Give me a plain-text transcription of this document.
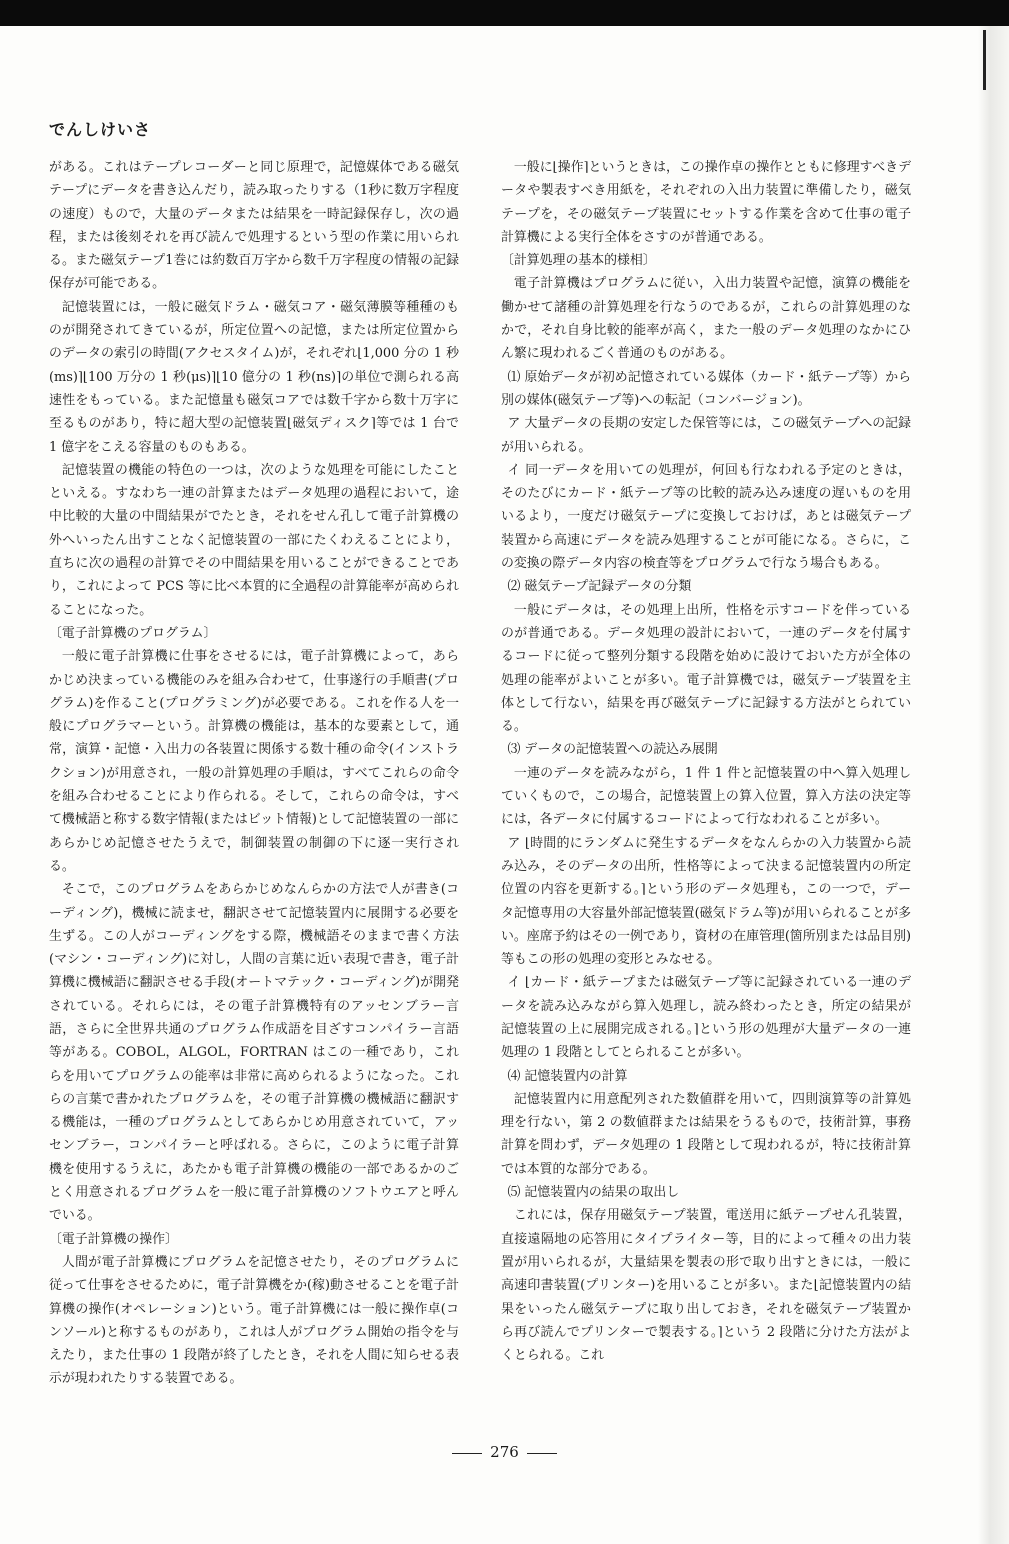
でんしけいさ

がある。これはテープレコーダーと同じ原理で，記憶媒体である磁気テープにデータを書き込んだり，読み取ったりする（1秒に数万字程度の速度）もので，大量のデータまたは結果を一時記録保存し，次の過程，または後刻それを再び読んで処理するという型の作業に用いられる。また磁気テープ1巻には約数百万字から数千万字程度の情報の記録保存が可能である。

記憶装置には，一般に磁気ドラム・磁気コア・磁気薄膜等種種のものが開発されてきているが，所定位置への記憶，または所定位置からのデータの索引の時間(アクセスタイム)が，それぞれ⌊1,000 分の 1 秒(ms)⌉⌊100 万分の 1 秒(μs)⌉⌊10 億分の 1 秒(ns)⌉の単位で測られる高速性をもっている。また記憶量も磁気コアでは数千字から数十万字に至るものがあり，特に超大型の記憶装置⌊磁気ディスク⌉等では 1 台で 1 億字をこえる容量のものもある。

記憶装置の機能の特色の一つは，次のような処理を可能にしたことといえる。すなわち一連の計算またはデータ処理の過程において，途中比較的大量の中間結果がでたとき，それをせん孔して電子計算機の外へいったん出すことなく記憶装置の一部にたくわえることにより，直ちに次の過程の計算でその中間結果を用いることができることであり，これによって PCS 等に比べ本質的に全過程の計算能率が高められることになった。

〔電子計算機のプログラム〕

一般に電子計算機に仕事をさせるには，電子計算機によって，あらかじめ決まっている機能のみを組み合わせて，仕事遂行の手順書(プログラム)を作ること(プログラミング)が必要である。これを作る人を一般にプログラマーという。計算機の機能は，基本的な要素として，通常，演算・記憶・入出力の各装置に関係する数十種の命令(インストラクション)が用意され，一般の計算処理の手順は，すべてこれらの命令を組み合わせることにより作られる。そして，これらの命令は，すべて機械語と称する数字情報(またはビット情報)として記憶装置の一部にあらかじめ記憶させたうえで，制御装置の制御の下に逐一実行される。

そこで，このプログラムをあらかじめなんらかの方法で人が書き(コーディング)，機械に読ませ，翻訳させて記憶装置内に展開する必要を生ずる。この人がコーディングをする際，機械語そのままで書く方法(マシン・コーディング)に対し，人間の言葉に近い表現で書き，電子計算機に機械語に翻訳させる手段(オートマテック・コーディング)が開発されている。それらには，その電子計算機特有のアッセンブラー言語，さらに全世界共通のプログラム作成語を目ざすコンパイラー言語等がある。COBOL，ALGOL，FORTRAN はこの一種であり，これらを用いてプログラムの能率は非常に高められるようになった。これらの言葉で書かれたプログラムを，その電子計算機の機械語に翻訳する機能は，一種のプログラムとしてあらかじめ用意されていて，アッセンブラー，コンパイラーと呼ばれる。さらに，このように電子計算機を使用するうえに，あたかも電子計算機の機能の一部であるかのごとく用意されるプログラムを一般に電子計算機のソフトウエアと呼んでいる。

〔電子計算機の操作〕

人間が電子計算機にプログラムを記憶させたり，そのプログラムに従って仕事をさせるために，電子計算機をか(稼)動させることを電子計算機の操作(オペレーション)という。電子計算機には一般に操作卓(コンソール)と称するものがあり，これは人がプログラム開始の指令を与えたり，また仕事の 1 段階が終了したとき，それを人間に知らせる表示が現われたりする装置である。

一般に⌊操作⌉というときは，この操作卓の操作とともに修理すべきデータや製表すべき用紙を，それぞれの入出力装置に準備したり，磁気テープを，その磁気テープ装置にセットする作業を含めて仕事の電子計算機による実行全体をさすのが普通である。

〔計算処理の基本的様相〕

電子計算機はプログラムに従い，入出力装置や記憶，演算の機能を働かせて諸種の計算処理を行なうのであるが，これらの計算処理のなかで，それ自身比較的能率が高く，また一般のデータ処理のなかにひん繁に現われるごく普通のものがある。

⑴ 原始データが初め記憶されている媒体（カード・紙テープ等）から別の媒体(磁気テープ等)への転記（コンバージョン)。

ア 大量データの長期の安定した保管等には，この磁気テープへの記録が用いられる。

イ 同一データを用いての処理が，何回も行なわれる予定のときは，そのたびにカード・紙テープ等の比較的読み込み速度の遅いものを用いるより，一度だけ磁気テープに変換しておけば，あとは磁気テープ装置から高速にデータを読み処理することが可能になる。さらに，この変換の際データ内容の検査等をプログラムで行なう場合もある。

⑵ 磁気テープ記録データの分類

一般にデータは，その処理上出所，性格を示すコードを伴っているのが普通である。データ処理の設計において，一連のデータを付属するコードに従って整列分類する段階を始めに設けておいた方が全体の処理の能率がよいことが多い。電子計算機では，磁気テープ装置を主体として行ない，結果を再び磁気テープに記録する方法がとられている。

⑶ データの記憶装置への読込み展開

一連のデータを読みながら，1 件 1 件と記憶装置の中へ算入処理していくもので，この場合，記憶装置上の算入位置，算入方法の決定等には，各データに付属するコードによって行なわれることが多い。

ア ⌊時間的にランダムに発生するデータをなんらかの入力装置から読み込み，そのデータの出所，性格等によって決まる記憶装置内の所定位置の内容を更新する。⌉という形のデータ処理も，この一つで，データ記憶専用の大容量外部記憶装置(磁気ドラム等)が用いられることが多い。座席予約はその一例であり，資材の在庫管理(箇所別または品目別)等もこの形の処理の変形とみなせる。

イ ⌊カード・紙テープまたは磁気テープ等に記録されている一連のデータを読み込みながら算入処理し，読み終わったとき，所定の結果が記憶装置の上に展開完成される。⌉という形の処理が大量データの一連処理の 1 段階としてとられることが多い。

⑷ 記憶装置内の計算

記憶装置内に用意配列された数値群を用いて，四則演算等の計算処理を行ない，第 2 の数値群または結果をうるもので，技術計算，事務計算を問わず，データ処理の 1 段階として現われるが，特に技術計算では本質的な部分である。

⑸ 記憶装置内の結果の取出し

これには，保存用磁気テープ装置，電送用に紙テープせん孔装置，直接遠隔地の応答用にタイプライター等，目的によって種々の出力装置が用いられるが，大量結果を製表の形で取り出すときには，一般に高速印書装置(プリンター)を用いることが多い。また⌊記憶装置内の結果をいったん磁気テープに取り出しておき，それを磁気テープ装置から再び読んでプリンターで製表する。⌉という 2 段階に分けた方法がよくとられる。これ

276
